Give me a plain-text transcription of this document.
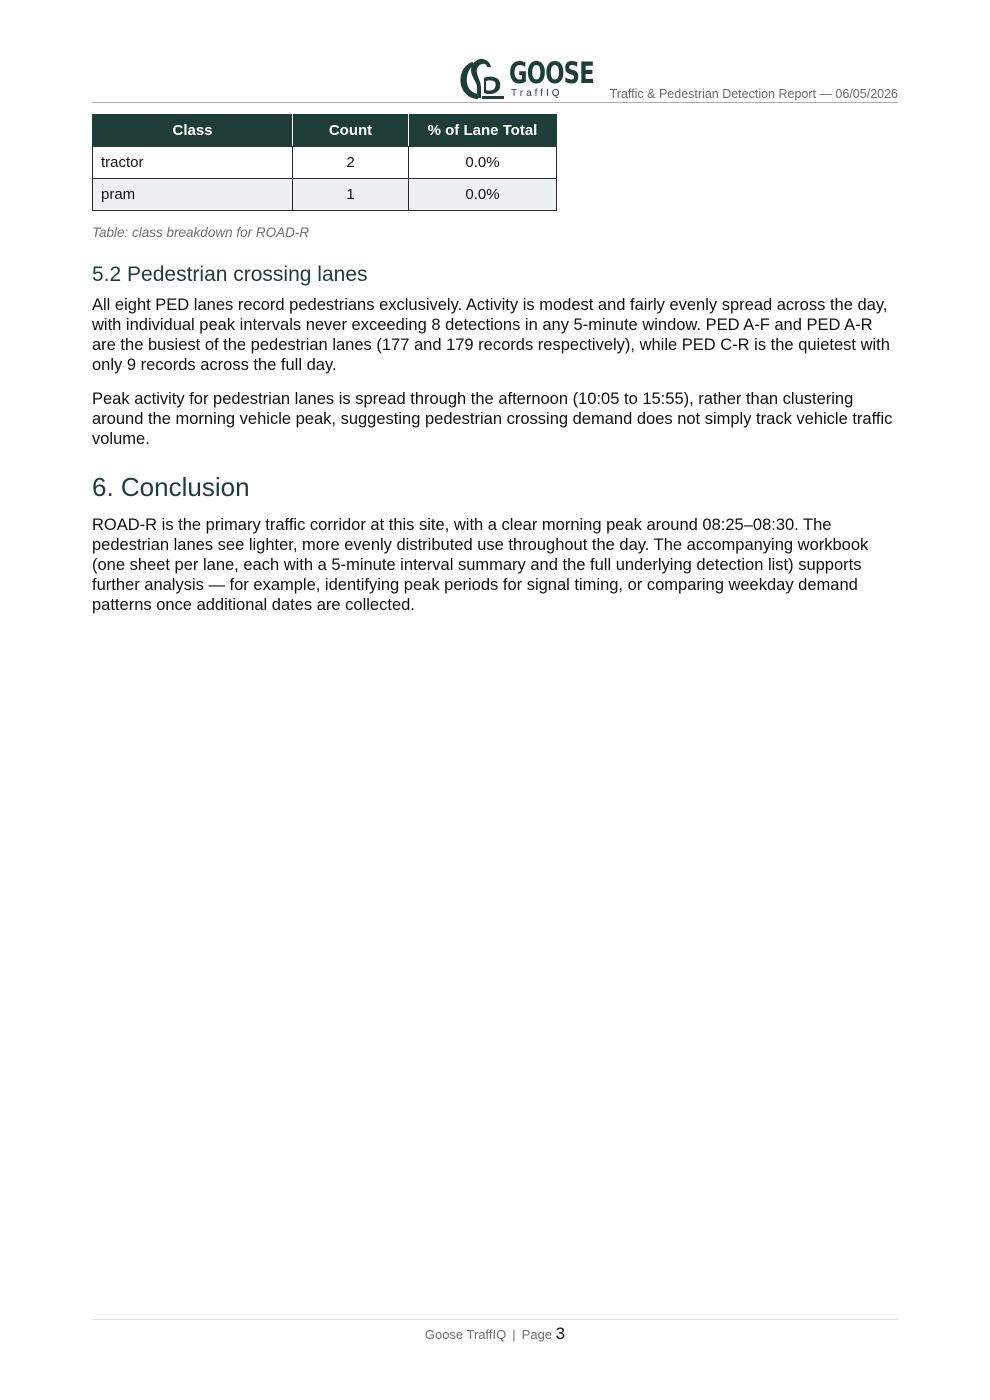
GOOSE
TraffIQ	Traffic & Pedestrian Detection Report — 06/05/2026
Class	Count	% of Lane Total
tractor	2	0.0%
pram	1	0.0%
Table: class breakdown for ROAD-R
5.2 Pedestrian crossing lanes

All eight PED lanes record pedestrians exclusively. Activity is modest and fairly evenly spread across the day, with individual peak intervals never exceeding 8 detections in any 5-minute window. PED A-F and PED A-R are the busiest of the pedestrian lanes (177 and 179 records respectively), while PED C-R is the quietest with only 9 records across the full day.

Peak activity for pedestrian lanes is spread through the afternoon (10:05 to 15:55), rather than clustering around the morning vehicle peak, suggesting pedestrian crossing demand does not simply track vehicle traffic volume.

6. Conclusion

ROAD-R is the primary traffic corridor at this site, with a clear morning peak around 08:25–08:30. The pedestrian lanes see lighter, more evenly distributed use throughout the day. The accompanying workbook (one sheet per lane, each with a 5-minute interval summary and the full underlying detection list) supports further analysis — for example, identifying peak periods for signal timing, or comparing weekday demand patterns once additional dates are collected.

Goose TraffIQ | Page 3
